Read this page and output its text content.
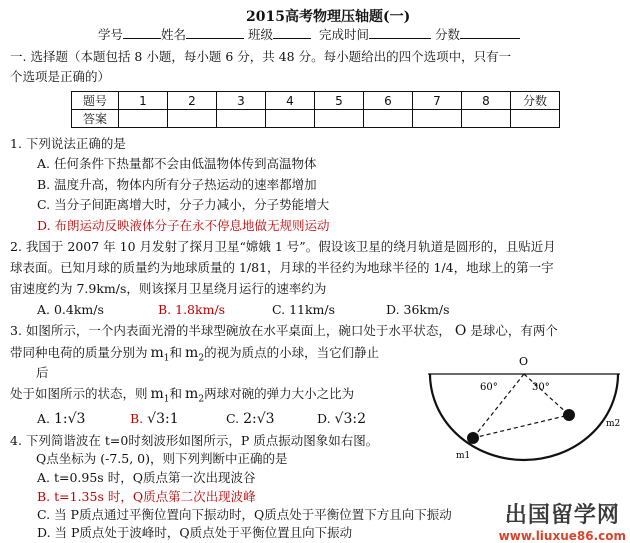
2015高考物理压轴题(一)
学号	姓名	班级	完成时间	分数
一. 选择题（本题包括 8 小题，每小题 6 分，共 48 分。每小题给出的四个选项中，只有一
个选项是正确的）
题号	1	2	3	4	5	6	7	8	分数
答案									
1. 下列说法正确的是
A. 任何条件下热量都不会由低温物体传到高温物体
B. 温度升高，物体内所有分子热运动的速率都增加
C. 当分子间距离增大时，分子力减小，分子势能增大
D. 布朗运动反映液体分子在永不停息地做无规则运动
2. 我国于 2007 年 10 月发射了探月卫星“嫦娥 1 号”。假设该卫星的绕月轨道是圆形的，且贴近月
球表面。已知月球的质量约为地球质量的 1/81，月球的半径约为地球半径的 1/4，地球上的第一宇
宙速度约为 7.9km/s，则该探月卫星绕月运行的速率约为
A. 0.4km/s	B. 1.8km/s	C. 11km/s	D. 36km/s
3. 如图所示，一个内表面光滑的半球型碗放在水平桌面上，碗口处于水平状态， O 是球心，有两个
带同种电荷的质量分别为 $m_1$和 $m_2$的视为质点的小球，当它们静止
后
处于如图所示的状态，则 $m_1$和 $m_2$两球对碗的弹力大小之比为
A. 1:√3	B. √3:1	C. 2:√3	D. √3:2
O
60°	30°
m1
m2
4. 下列简谐波在 t=0时刻波形如图所示，P 质点振动图象如右图。
Q点坐标为 (-7.5, 0)，则下列判断中正确的是
A. t=0.95s 时，Q质点第一次出现波谷
B. t=1.35s 时，Q质点第二次出现波峰
C. 当 P质点通过平衡位置向下振动时，Q质点处于平衡位置下方且向下振动
D. 当 P质点处于波峰时，Q质点处于平衡位置且向下振动
出国留学网
www.liuxue86.com
